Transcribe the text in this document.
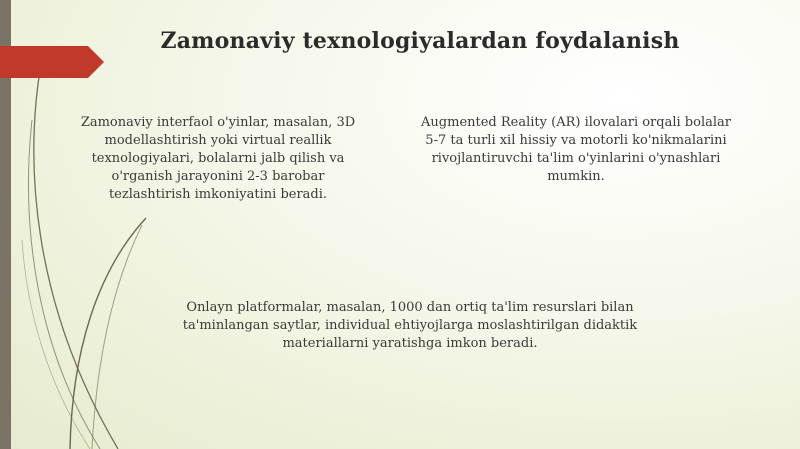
Zamonaviy texnologiyalardan foydalanish
Zamonaviy interfaol o'yinlar, masalan, 3D
modellashtirish yoki virtual reallik
texnologiyalari, bolalarni jalb qilish va
o'rganish jarayonini 2-3 barobar
tezlashtirish imkoniyatini beradi.
Augmented Reality (AR) ilovalari orqali bolalar
5-7 ta turli xil hissiy va motorli ko'nikmalarini
rivojlantiruvchi ta'lim o'yinlarini o'ynashlari
mumkin.
Onlayn platformalar, masalan, 1000 dan ortiq ta'lim resurslari bilan
ta'minlangan saytlar, individual ehtiyojlarga moslashtirilgan didaktik
materiallarni yaratishga imkon beradi.
